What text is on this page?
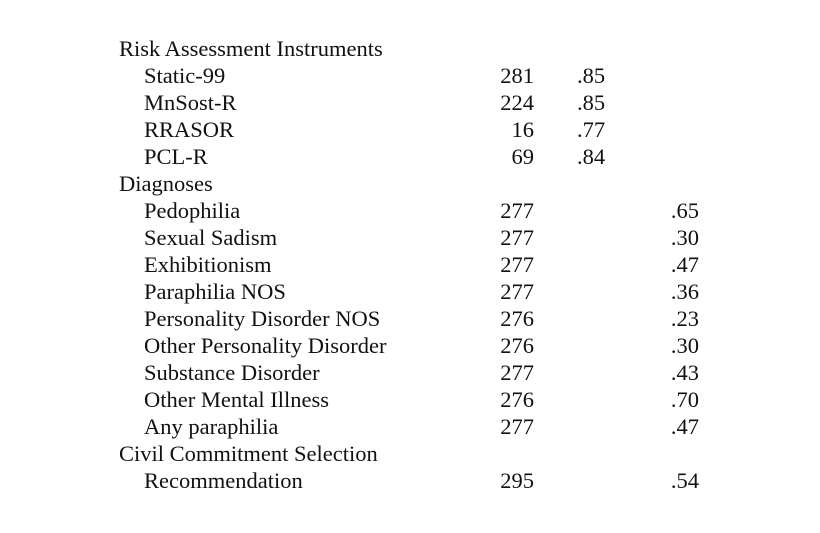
Risk Assessment Instruments
Static-99	281 .85
MnSost-R	224 .85
RRASOR	16 .77
PCL-R	69 .84
Diagnoses
Pedophilia	277	.65
Sexual Sadism	277	.30
Exhibitionism	277	.47
Paraphilia NOS	277	.36
Personality Disorder NOS	276	.23
Other Personality Disorder	276	.30
Substance Disorder	277	.43
Other Mental Illness	276	.70
Any paraphilia	277	.47
Civil Commitment Selection
Recommendation	295	.54
